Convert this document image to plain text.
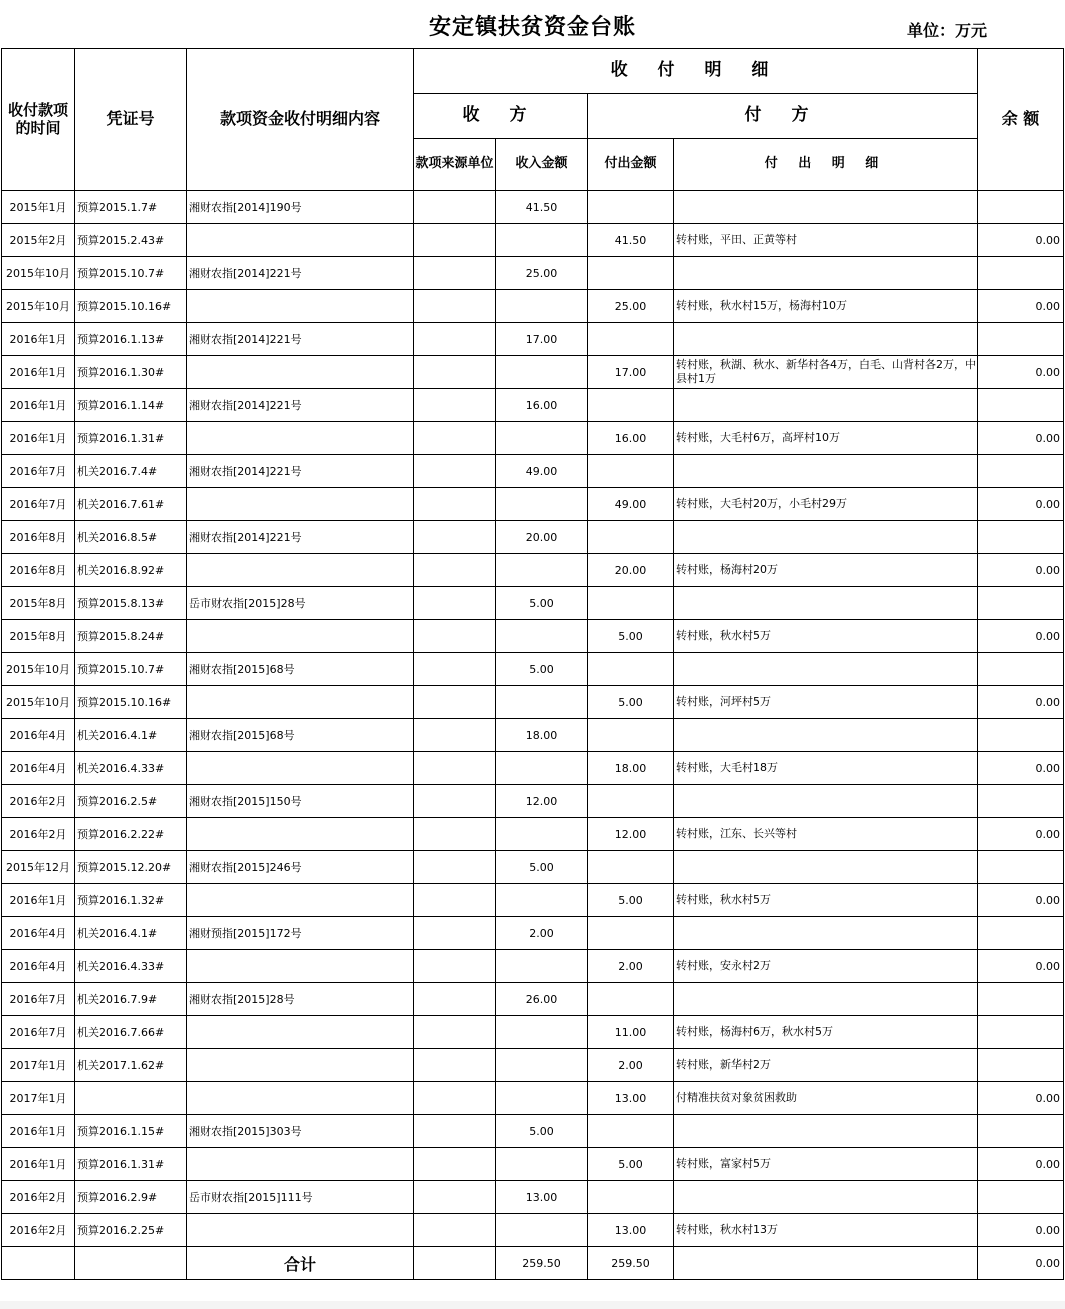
安定镇扶贫资金台账	单位：万元
收付款项的时间	凭证号	款项资金收付明细内容	收 付 明 细				余 额
			收 方		付 方		
			款项来源单位	收入金额	付出金额	付 出 明 细	
2015年1月	预算2015.1.7#	湘财农指[2014]190号		41.50			
2015年2月	预算2015.2.43#				41.50	转村账，平田、正黄等村	0.00
2015年10月	预算2015.10.7#	湘财农指[2014]221号		25.00			
2015年10月	预算2015.10.16#				25.00	转村账，秋水村15万，杨海村10万	0.00
2016年1月	预算2016.1.13#	湘财农指[2014]221号		17.00			
2016年1月	预算2016.1.30#				17.00	转村账，秋湖、秋水、新华村各4万，白毛、山背村各2万，中县村1万	0.00
2016年1月	预算2016.1.14#	湘财农指[2014]221号		16.00			
2016年1月	预算2016.1.31#				16.00	转村账，大毛村6万，高坪村10万	0.00
2016年7月	机关2016.7.4#	湘财农指[2014]221号		49.00			
2016年7月	机关2016.7.61#				49.00	转村账，大毛村20万，小毛村29万	0.00
2016年8月	机关2016.8.5#	湘财农指[2014]221号		20.00			
2016年8月	机关2016.8.92#				20.00	转村账，杨海村20万	0.00
2015年8月	预算2015.8.13#	岳市财农指[2015]28号		5.00			
2015年8月	预算2015.8.24#				5.00	转村账，秋水村5万	0.00
2015年10月	预算2015.10.7#	湘财农指[2015]68号		5.00			
2015年10月	预算2015.10.16#				5.00	转村账，河坪村5万	0.00
2016年4月	机关2016.4.1#	湘财农指[2015]68号		18.00			
2016年4月	机关2016.4.33#				18.00	转村账，大毛村18万	0.00
2016年2月	预算2016.2.5#	湘财农指[2015]150号		12.00			
2016年2月	预算2016.2.22#				12.00	转村账，江东、长兴等村	0.00
2015年12月	预算2015.12.20#	湘财农指[2015]246号		5.00			
2016年1月	预算2016.1.32#				5.00	转村账，秋水村5万	0.00
2016年4月	机关2016.4.1#	湘财预指[2015]172号		2.00			
2016年4月	机关2016.4.33#				2.00	转村账，安永村2万	0.00
2016年7月	机关2016.7.9#	湘财农指[2015]28号		26.00			
2016年7月	机关2016.7.66#				11.00	转村账，杨海村6万，秋水村5万	
2017年1月	机关2017.1.62#				2.00	转村账，新华村2万	
2017年1月					13.00	付精准扶贫对象贫困救助	0.00
2016年1月	预算2016.1.15#	湘财农指[2015]303号		5.00			
2016年1月	预算2016.1.31#				5.00	转村账，富家村5万	0.00
2016年2月	预算2016.2.9#	岳市财农指[2015]111号		13.00			
2016年2月	预算2016.2.25#				13.00	转村账，秋水村13万	0.00
		合计		259.50	259.50		0.00
